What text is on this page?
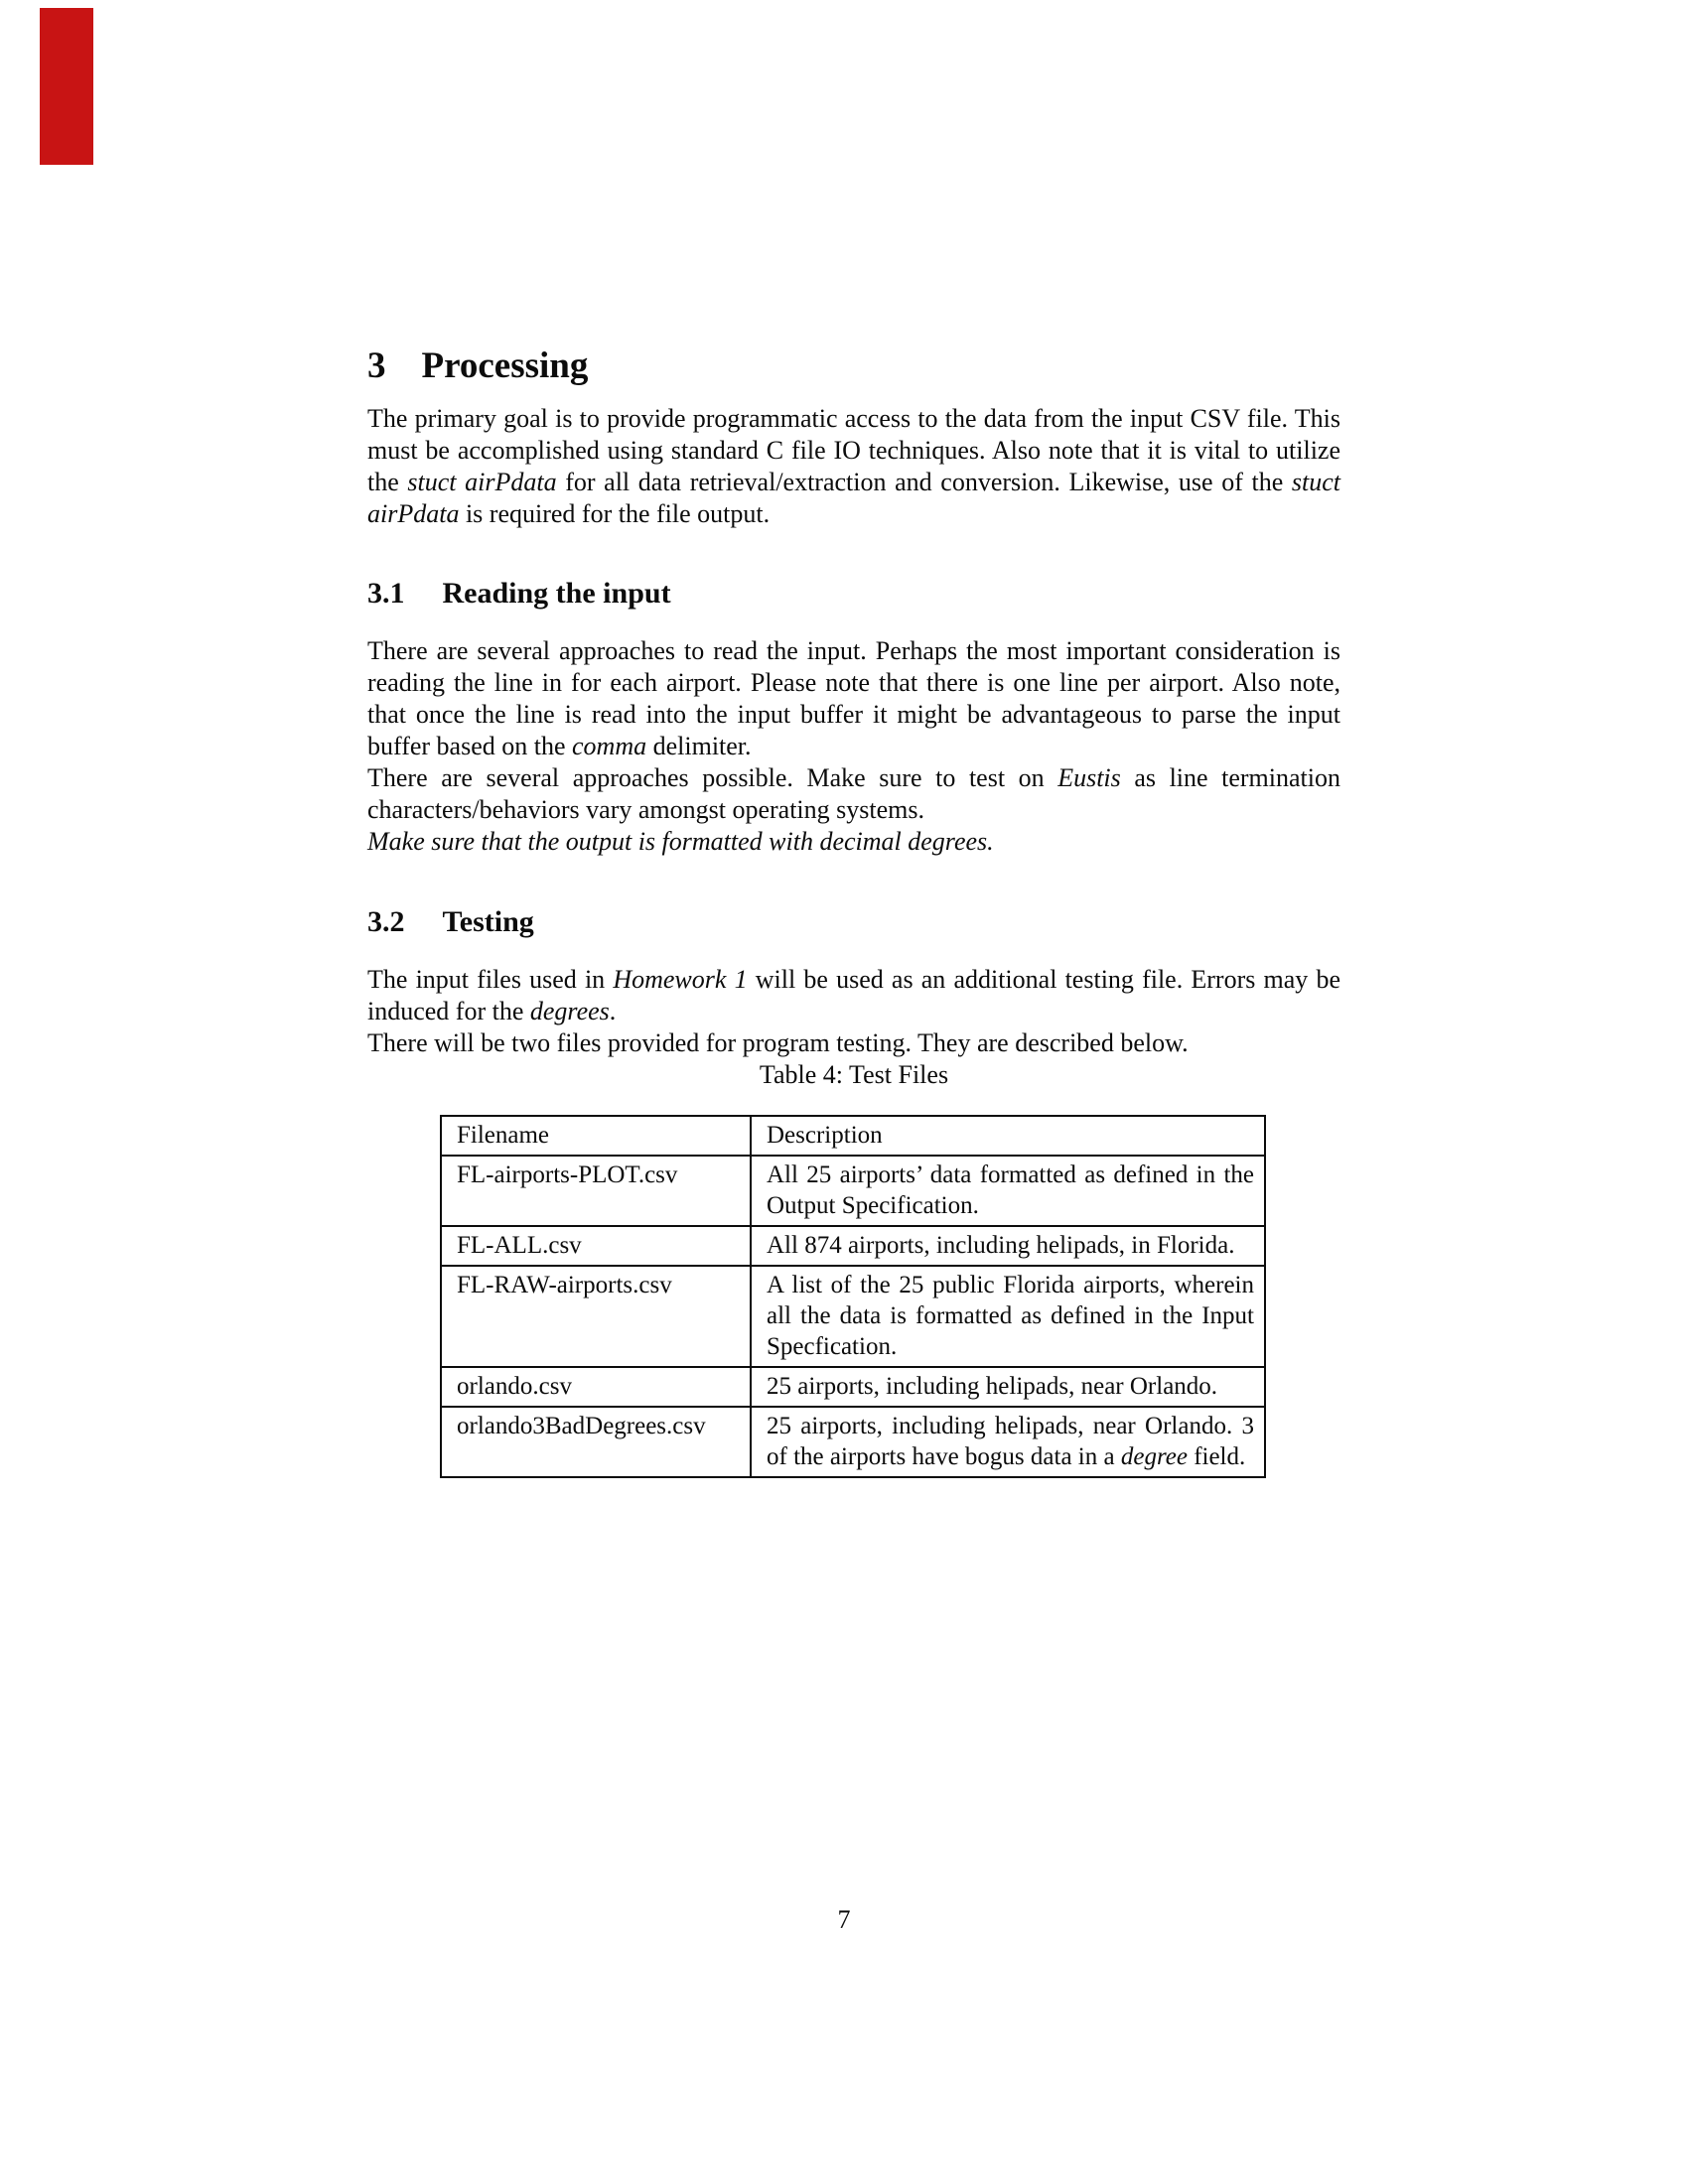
3 Processing

The primary goal is to provide programmatic access to the data from the input CSV file. This must be accomplished using standard C file IO techniques. Also note that it is vital to utilize the stuct airPdata for all data retrieval/extraction and conversion. Likewise, use of the stuct airPdata is required for the file output.

3.1 Reading the input

There are several approaches to read the input. Perhaps the most important consideration is reading the line in for each airport. Please note that there is one line per airport. Also note, that once the line is read into the input buffer it might be advantageous to parse the input buffer based on the comma delimiter.

There are several approaches possible. Make sure to test on Eustis as line termination characters/behaviors vary amongst operating systems.

Make sure that the output is formatted with decimal degrees.

3.2 Testing

The input files used in Homework 1 will be used as an additional testing file. Errors may be induced for the degrees.

There will be two files provided for program testing. They are described below.

Table 4: Test Files
Filename	Description
FL-airports-PLOT.csv	All 25 airports’ data formatted as defined in the Output Specification.
FL-ALL.csv	All 874 airports, including helipads, in Florida.
FL-RAW-airports.csv	A list of the 25 public Florida airports, wherein all the data is formatted as defined in the Input Specfication.
orlando.csv	25 airports, including helipads, near Orlando.
orlando3BadDegrees.csv	25 airports, including helipads, near Orlando. 3 of the airports have bogus data in a degree field.
7
